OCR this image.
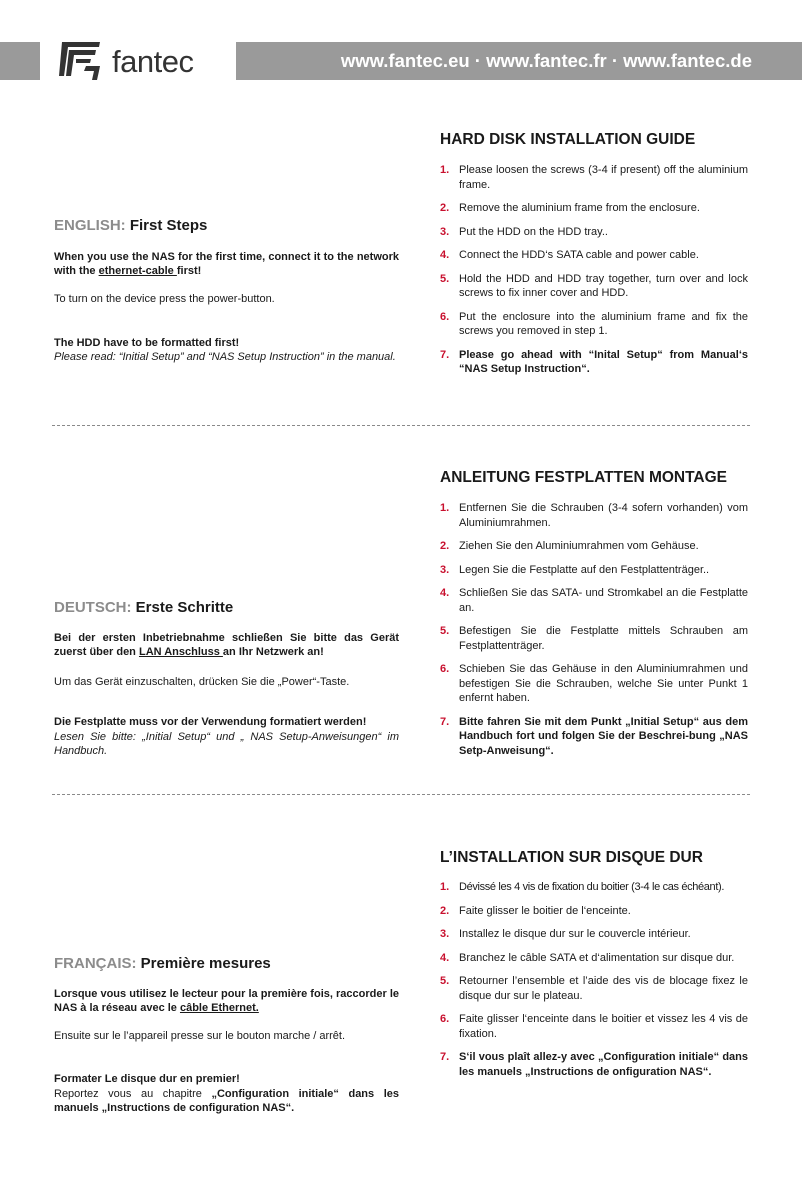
fantec	www.fantec.eu · www.fantec.fr · www.fantec.de
HARD DISK INSTALLATION GUIDE
1. Please loosen the screws (3-4 if present) off the aluminium frame.
2. Remove the aluminium frame from the enclosure.
3. Put the HDD on the HDD tray..
4. Connect the HDD‘s SATA cable and power cable.
5. Hold the HDD and HDD tray together, turn over and lock screws to fix inner cover and HDD.
6. Put the enclosure into the aluminium frame and fix the screws you removed in step 1.
7. Please go ahead with “Inital Setup“ from Manual‘s “NAS Setup Instruction“.
ENGLISH: First Steps
When you use the NAS for the first time, connect it to the network with the ethernet-cable first!
To turn on the device press the power-button.
The HDD have to be formatted first!
Please read: “Initial Setup” and “NAS Setup Instruction” in the manual.
ANLEITUNG FESTPLATTEN MONTAGE
1. Entfernen Sie die Schrauben (3-4 sofern vorhanden) vom Aluminiumrahmen.
2. Ziehen Sie den Aluminiumrahmen vom Gehäuse.
3. Legen Sie die Festplatte auf den Festplattenträger..
4. Schließen Sie das SATA- und Stromkabel an die Festplatte an.
5. Befestigen Sie die Festplatte mittels Schrauben am Festplattenträger.
6. Schieben Sie das Gehäuse in den Aluminiumrahmen und befestigen Sie die Schrauben, welche Sie unter Punkt 1 enfernt haben.
7. Bitte fahren Sie mit dem Punkt „Initial Setup“ aus dem Handbuch fort und folgen Sie der Beschrei-bung „NAS Setp-Anweisung“.
DEUTSCH: Erste Schritte
Bei der ersten Inbetriebnahme schließen Sie bitte das Gerät zuerst über den LAN Anschluss an Ihr Netzwerk an!
Um das Gerät einzuschalten, drücken Sie die „Power“-Taste.
Die Festplatte muss vor der Verwendung formatiert werden!
Lesen Sie bitte: „Initial Setup“ und „ NAS Setup-Anweisungen“ im Handbuch.
L’INSTALLATION SUR DISQUE DUR
1. Dévissé les 4 vis de fixation du boitier (3-4 le cas échéant).
2. Faite glisser le boitier de l‘enceinte.
3. Installez le disque dur sur le couvercle intérieur.
4. Branchez le câble SATA et d‘alimentation sur disque dur.
5. Retourner l’ensemble et l’aide des vis de blocage fixez le disque dur sur le plateau.
6. Faite glisser l‘enceinte dans le boitier et vissez les 4 vis de fixation.
7. S‘il vous plaît allez-y avec „Configuration initiale“ dans les manuels „Instructions de onfiguration NAS“.
FRANÇAIS: Première mesures
Lorsque vous utilisez le lecteur pour la première fois, raccorder le NAS à la réseau avec le câble Ethernet.
Ensuite sur le l’appareil presse sur le bouton marche / arrêt.
Formater Le disque dur en premier!
Reportez vous au chapitre „Configuration initiale“ dans les manuels „Instructions de configuration NAS“.
